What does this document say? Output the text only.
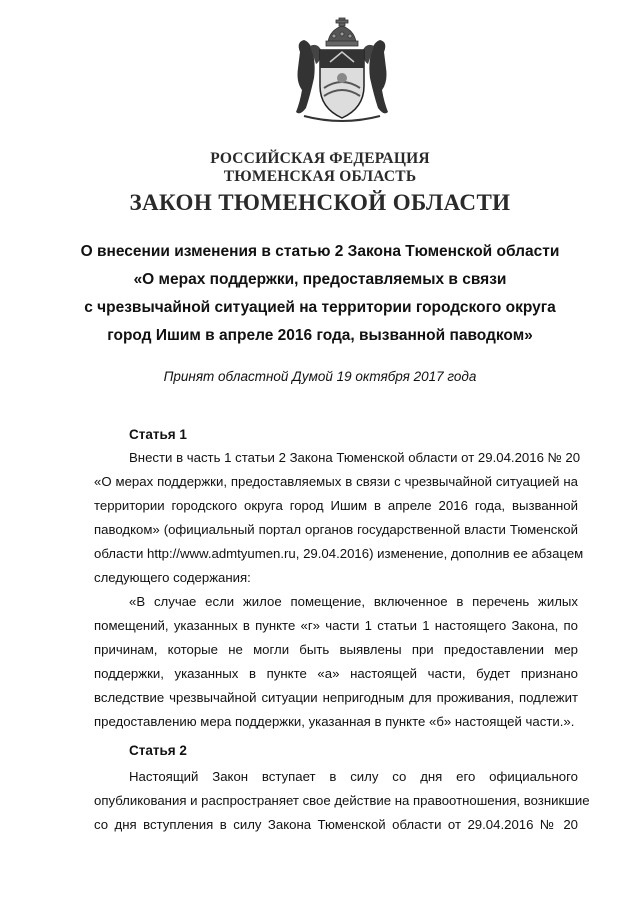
РОССИЙСКАЯ ФЕДЕРАЦИЯ
ТЮМЕНСКАЯ ОБЛАСТЬ
ЗАКОН ТЮМЕНСКОЙ ОБЛАСТИ
О внесении изменения в статью 2 Закона Тюменской области
«О мерах поддержки, предоставляемых в связи
с чрезвычайной ситуацией на территории городского округа
город Ишим в апреле 2016 года, вызванной паводком»
Принят областной Думой 19 октября 2017 года
Статья 1
Внести в часть 1 статьи 2 Закона Тюменской области от 29.04.2016 № 20
«О мерах поддержки, предоставляемых в связи с чрезвычайной ситуацией на
территории городского округа город Ишим в апреле 2016 года, вызванной
паводком» (официальный портал органов государственной власти Тюменской
области http://www.admtyumen.ru, 29.04.2016) изменение, дополнив ее абзацем
следующего содержания:
«В случае если жилое помещение, включенное в перечень жилых
помещений, указанных в пункте «г» части 1 статьи 1 настоящего Закона, по
причинам, которые не могли быть выявлены при предоставлении мер
поддержки, указанных в пункте «а» настоящей части, будет признано
вследствие чрезвычайной ситуации непригодным для проживания, подлежит
предоставлению мера поддержки, указанная в пункте «б» настоящей части.».
Статья 2
Настоящий Закон вступает в силу со дня его официального
опубликования и распространяет свое действие на правоотношения, возникшие
со дня вступления в силу Закона Тюменской области от 29.04.2016 № 20
